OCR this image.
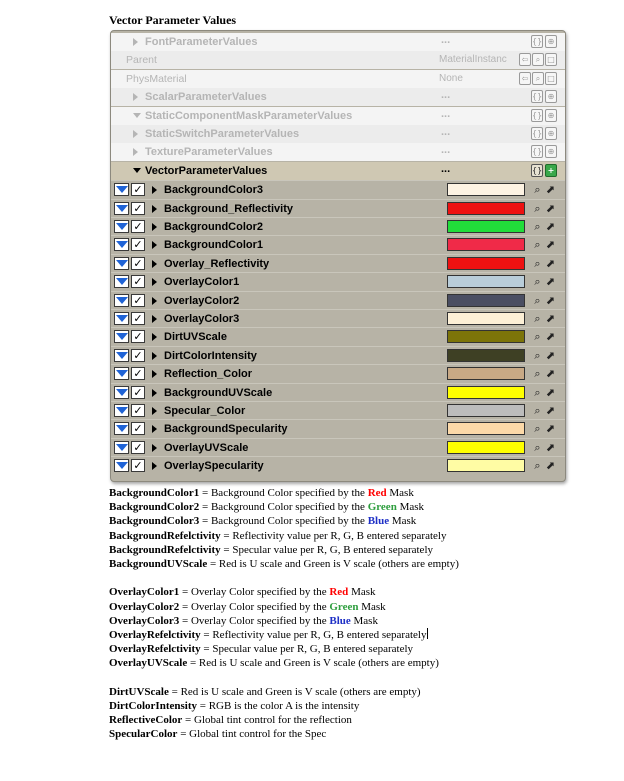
Vector Parameter Values
FontParameterValues	...	{} ⊕
Parent	MaterialInstanc	⇦ ⌕ □
PhysMaterial	None	⇦ ⌕ □
ScalarParameterValues	...	{} ⊕
StaticComponentMaskParameterValues	...	{} ⊕
StaticSwitchParameterValues	...	{} ⊕
TextureParameterValues	...	{} ⊕
VectorParameterValues	...	{} +
✓ BackgroundColor3	⌕ ⬈
✓ Background_Reflectivity	⌕ ⬈
✓ BackgroundColor2	⌕ ⬈
✓ BackgroundColor1	⌕ ⬈
✓ Overlay_Reflectivity	⌕ ⬈
✓ OverlayColor1	⌕ ⬈
✓ OverlayColor2	⌕ ⬈
✓ OverlayColor3	⌕ ⬈
✓ DirtUVScale	⌕ ⬈
✓ DirtColorIntensity	⌕ ⬈
✓ Reflection_Color	⌕ ⬈
✓ BackgroundUVScale	⌕ ⬈
✓ Specular_Color	⌕ ⬈
✓ BackgroundSpecularity	⌕ ⬈
✓ OverlayUVScale	⌕ ⬈
✓ OverlaySpecularity	⌕ ⬈
BackgroundColor1 = Background Color specified by the Red Mask
BackgroundColor2 = Background Color specified by the Green Mask
BackgroundColor3 = Background Color specified by the Blue Mask
BackgroundRefelctivity = Reflectivity value per R, G, B entered separately
BackgroundRefelctivity = Specular value per R, G, B entered separately
BackgroundUVScale = Red is U scale and Green is V scale (others are empty)
OverlayColor1 = Overlay Color specified by the Red Mask
OverlayColor2 = Overlay Color specified by the Green Mask
OverlayColor3 = Overlay Color specified by the Blue Mask
OverlayRefelctivity = Reflectivity value per R, G, B entered separately
OverlayRefelctivity = Specular value per R, G, B entered separately
OverlayUVScale = Red is U scale and Green is V scale (others are empty)
DirtUVScale = Red is U scale and Green is V scale (others are empty)
DirtColorIntensity = RGB is the color A is the intensity
ReflectiveColor = Global tint control for the reflection
SpecularColor = Global tint control for the Spec
